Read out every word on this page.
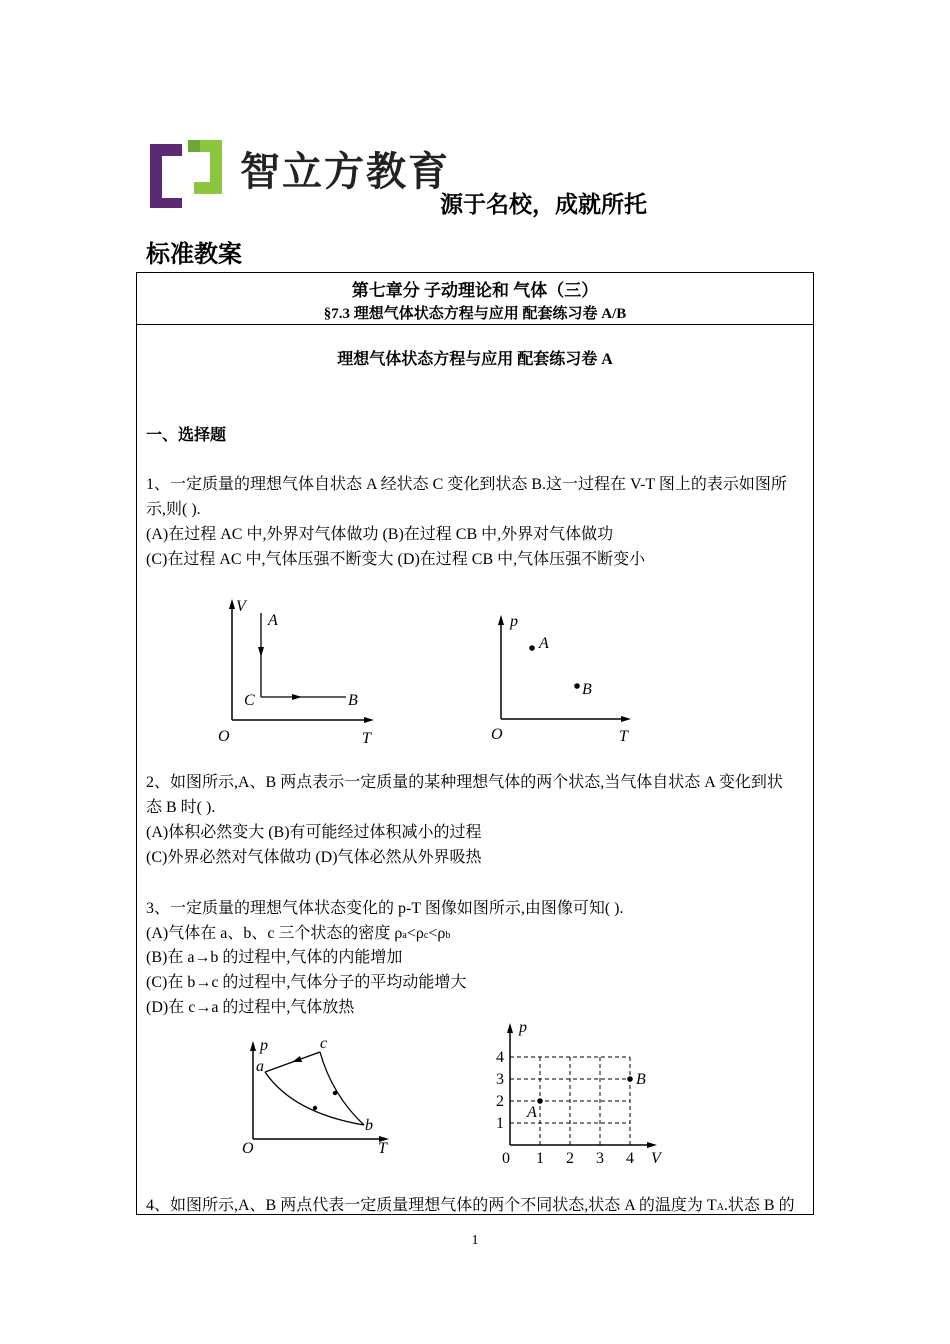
智立方教育
源于名校，成就所托
标准教案
第七章分 子动理论和 气体（三）
§7.3 理想气体状态方程与应用 配套练习卷 A/B
理想气体状态方程与应用 配套练习卷 A
一、选择题
1、一定质量的理想气体自状态 A 经状态 C 变化到状态 B.这一过程在 V-T 图上的表示如图所
示,则( ).
(A)在过程 AC 中,外界对气体做功 (B)在过程 CB 中,外界对气体做功
(C)在过程 AC 中,气体压强不断变大 (D)在过程 CB 中,气体压强不断变小
V
A
C	B
O	T
p
A
B
O	T
2、如图所示,A、B 两点表示一定质量的某种理想气体的两个状态,当气体自状态 A 变化到状
态 B 时( ).
(A)体积必然变大 (B)有可能经过体积减小的过程
(C)外界必然对气体做功 (D)气体必然从外界吸热
3、一定质量的理想气体状态变化的 p-T 图像如图所示,由图像可知( ).
(A)气体在 a、b、c 三个状态的密度 ρa<ρc<ρb
(B)在 a→b 的过程中,气体的内能增加
(C)在 b→c 的过程中,气体分子的平均动能增大
(D)在 c→a 的过程中,气体放热
p
a
c
b
O	T
1 2 3 4
1
2
3
4
p
A
B
0	V
4、如图所示,A、B 两点代表一定质量理想气体的两个不同状态,状态 A 的温度为 TA.状态 B 的
1
